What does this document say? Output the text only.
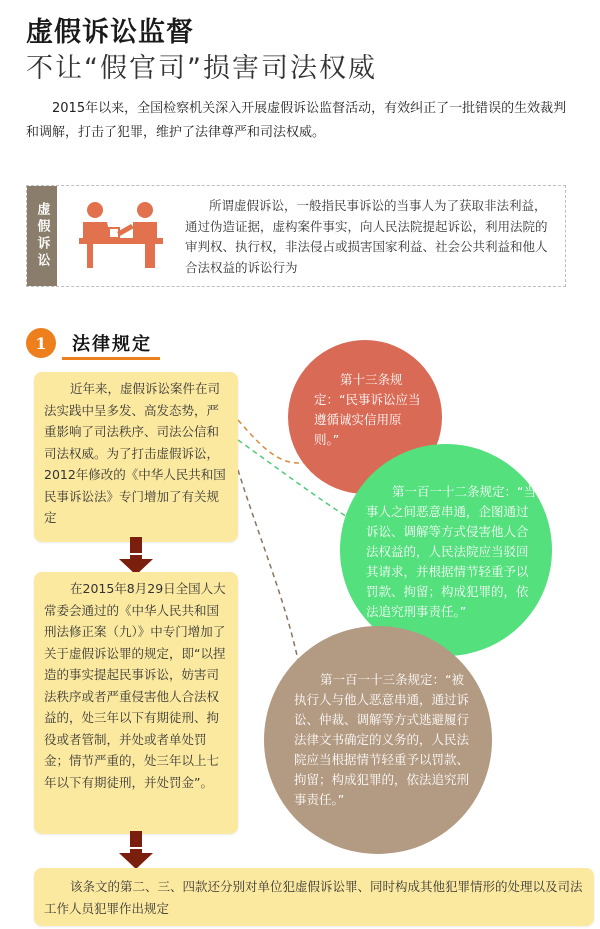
虚假诉讼监督
不让“假官司”损害司法权威

2015年以来，全国检察机关深入开展虚假诉讼监督活动，有效纠正了一批错误的生效裁判和调解，打击了犯罪，维护了法律尊严和司法权威。

虚假诉讼	所谓虚假诉讼，一般指民事诉讼的当事人为了获取非法利益，通过伪造证据，虚构案件事实，向人民法院提起诉讼，利用法院的审判权、执行权，非法侵占或损害国家利益、社会公共利益和他人合法权益的诉讼行为

1	法律规定
近年来，虚假诉讼案件在司法实践中呈多发、高发态势，严重影响了司法秩序、司法公信和司法权威。为了打击虚假诉讼，2012年修改的《中华人民共和国民事诉讼法》专门增加了有关规定
在2015年8月29日全国人大常委会通过的《中华人民共和国刑法修正案（九）》中专门增加了关于虚假诉讼罪的规定，即“以捏造的事实提起民事诉讼，妨害司法秩序或者严重侵害他人合法权益的，处三年以下有期徒刑、拘役或者管制，并处或者单处罚金；情节严重的，处三年以上七年以下有期徒刑，并处罚金”。
该条文的第二、三、四款还分别对单位犯虚假诉讼罪、同时构成其他犯罪情形的处理以及司法工作人员犯罪作出规定

第十三条规定：“民事诉讼应当遵循诚实信用原则。”

第一百一十二条规定：“当事人之间恶意串通，企图通过诉讼、调解等方式侵害他人合法权益的，人民法院应当驳回其请求，并根据情节轻重予以罚款、拘留；构成犯罪的，依法追究刑事责任。”

第一百一十三条规定：“被执行人与他人恶意串通，通过诉讼、仲裁、调解等方式逃避履行法律文书确定的义务的，人民法院应当根据情节轻重予以罚款、拘留；构成犯罪的，依法追究刑事责任。”
